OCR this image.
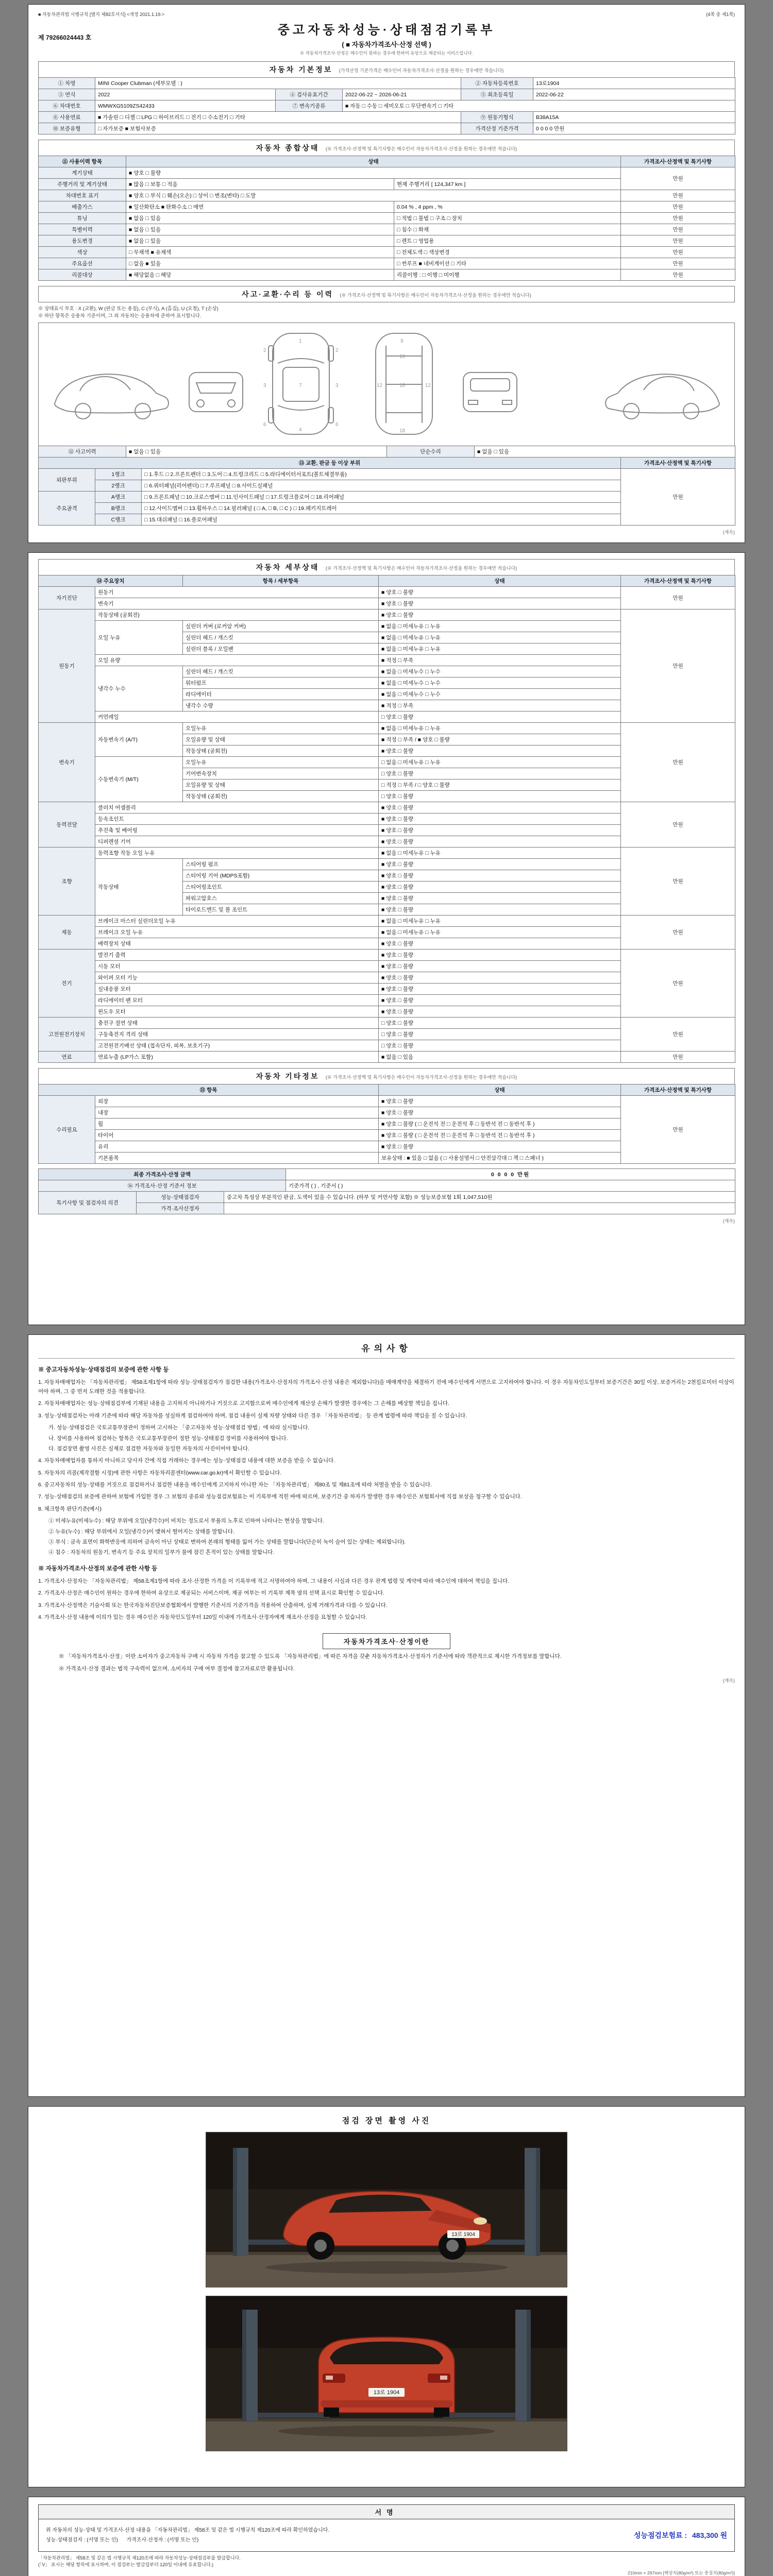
■ 자동차관리법 시행규칙 [별지 제82호서식] <개정 2021.1.19.>	(4쪽 중 제1쪽)
제 79266024443 호
중고자동차성능·상태점검기록부
( ■ 자동차가격조사·산정 선택 )
※ 자동차가격조사·산정은 매수인이 원하는 경우에 한하여 유상으로 제공되는 서비스입니다.
자동차 기본정보 (가격산정 기준가격은 매수인이 자동차가격조사·산정을 원하는 경우에만 적습니다)
① 차명	MINI Cooper Clubman (세부모델 : )			② 자동차등록번호	13로1904
③ 연식	2022	④ 검사유효기간	2022-06-22 ~ 2026-06-21	⑤ 최초등록일	2022-06-22
⑥ 차대번호	WMWXG5109ZS42433	⑦ 변속기종류	■ 자동 □ 수동 □ 세미오토 □ 무단변속기 □ 기타		
⑧ 사용연료	■ 가솔린 □ 디젤 □ LPG □ 하이브리드 □ 전기 □ 수소전기 □ 기타			⑨ 원동기형식	B38A15A
⑩ 보증유형	□ 자가보증 ■ 보험사보증			가격산정 기준가격	0 0 0 0 만원
자동차 종합상태 (※ 가격조사·산정액 및 특기사항은 매수인이 자동차가격조사·산정을 원하는 경우에만 적습니다)
⑪ 사용이력 항목	상태		가격조사·산정액 및 특기사항
계기상태	■ 양호 □ 불량		만원
주행거리 및 계기상태	■ 많음 □ 보통 □ 적음	현재 주행거리 [ 124,347 km ]	
차대번호 표기	■ 양호 □ 부식 □ 훼손(오손) □ 상이 □ 변조(변타) □ 도말		만원
배출가스	■ 일산화탄소 ■ 탄화수소 □ 매연	0.04 % , 4 ppm , %	만원
튜닝	■ 없음 □ 있음	□ 적법 □ 불법 □ 구조 □ 장치	만원
특별이력	■ 없음 □ 있음	□ 침수 □ 화재	만원
용도변경	■ 없음 □ 있음	□ 렌트 □ 영업용	만원
색상	□ 무채색 ■ 유채색	□ 전체도색 □ 색상변경	만원
주요옵션	□ 없음 ■ 있음	□ 썬루프 ■ 네비게이션 □ 기타	만원
리콜대상	■ 해당없음 □ 해당	리콜이행 : □ 이행 □ 미이행	만원
사고·교환·수리 등 이력 (※ 가격조사·산정액 및 특기사항은 매수인이 자동차가격조사·산정을 원하는 경우에만 적습니다)
※ 상태표시 부호 : X (교환), W (판금 또는 용접), C (부식), A (흠집), U (요철), T (손상)
※ 하단 항목은 승용차 기준이며, 그 외 자동차는 승용차에 준하여 표시합니다.
1
7
4
3	3
2	2
6	6
9
10
12	12
16
18
⑫ 사고이력	■ 없음 □ 있음	단순수리	■ 없음 □ 있음
⑬ 교환, 판금 등 이상 부위			가격조사·산정액 및 특기사항
외판부위	1랭크	□ 1.후드 □ 2.프론트펜더 □ 3.도어 □ 4.트렁크리드 □ 5.라디에이터서포트(볼트체결부품)	만원
	2랭크	□ 6.쿼터패널(리어펜더) □ 7.루프패널 □ 8.사이드실패널	
주요골격	A랭크	□ 9.프론트패널 □ 10.크로스멤버 □ 11.인사이드패널 □ 17.트렁크플로어 □ 18.리어패널	
	B랭크	□ 12.사이드멤버 □ 13.휠하우스 □ 14.필러패널 ( □ A, □ B, □ C ) □ 19.패키지트레이	
	C랭크	□ 15.대쉬패널 □ 16.플로어패널	
(계속)
자동차 세부상태 (※ 가격조사·산정액 및 특기사항은 매수인이 자동차가격조사·산정을 원하는 경우에만 적습니다)
⑭ 주요장치		항목 / 세부항목	상태	가격조사·산정액 및 특기사항
자기진단	원동기		■ 양호 □ 불량	만원
	변속기		■ 양호 □ 불량	
원동기	작동상태 (공회전)		■ 양호 □ 불량	만원
	오일 누유	실린더 커버 (로커암 커버)	■ 없음 □ 미세누유 □ 누유	
		실린더 헤드 / 개스킷	■ 없음 □ 미세누유 □ 누유	
		실린더 블록 / 오일팬	■ 없음 □ 미세누유 □ 누유	
	오일 유량		■ 적정 □ 부족	
	냉각수 누수	실린더 헤드 / 개스킷	■ 없음 □ 미세누수 □ 누수	
		워터펌프	■ 없음 □ 미세누수 □ 누수	
		라디에이터	■ 없음 □ 미세누수 □ 누수	
		냉각수 수량	■ 적정 □ 부족	
	커먼레일		□ 양호 □ 불량	
변속기	자동변속기 (A/T)	오일누유	■ 없음 □ 미세누유 □ 누유	만원
		오일유량 및 상태	■ 적정 □ 부족 / ■ 양호 □ 불량	
		작동상태 (공회전)	■ 양호 □ 불량	
	수동변속기 (M/T)	오일누유	□ 없음 □ 미세누유 □ 누유	
		기어변속장치	□ 양호 □ 불량	
		오일유량 및 상태	□ 적정 □ 부족 / □ 양호 □ 불량	
		작동상태 (공회전)	□ 양호 □ 불량	
동력전달	클러치 어셈블리		■ 양호 □ 불량	만원
	등속조인트		■ 양호 □ 불량	
	추진축 및 베어링		■ 양호 □ 불량	
	디퍼렌셜 기어		■ 양호 □ 불량	
조향	동력조향 작동 오일 누유		■ 없음 □ 미세누유 □ 누유	만원
	작동상태	스티어링 펌프	■ 양호 □ 불량	
		스티어링 기어 (MDPS포함)	■ 양호 □ 불량	
		스티어링조인트	■ 양호 □ 불량	
		파워고압호스	■ 양호 □ 불량	
		타이로드엔드 및 볼 조인트	■ 양호 □ 불량	
제동	브레이크 마스터 실린더오일 누유		■ 없음 □ 미세누유 □ 누유	만원
	브레이크 오일 누유		■ 없음 □ 미세누유 □ 누유	
	배력장치 상태		■ 양호 □ 불량	
전기	발전기 출력		■ 양호 □ 불량	만원
	시동 모터		■ 양호 □ 불량	
	와이퍼 모터 기능		■ 양호 □ 불량	
	실내송풍 모터		■ 양호 □ 불량	
	라디에이터 팬 모터		■ 양호 □ 불량	
	윈도우 모터		■ 양호 □ 불량	
고전원전기장치	충전구 절연 상태		□ 양호 □ 불량	만원
	구동축전지 격리 상태		□ 양호 □ 불량	
	고전원전기배선 상태 (접속단자, 피복, 보호기구)		□ 양호 □ 불량	
연료	연료누출 (LP가스 포함)		■ 없음 □ 있음	만원
자동차 기타정보 (※ 가격조사·산정액 및 특기사항은 매수인이 자동차가격조사·산정을 원하는 경우에만 적습니다)
⑮ 항목		상태	가격조사·산정액 및 특기사항
수리필요	외장	■ 양호 □ 불량	만원
	내장	■ 양호 □ 불량	
	휠	■ 양호 □ 불량 ( □ 운전석 전 □ 운전석 후 □ 동반석 전 □ 동반석 후 )	
	타이어	■ 양호 □ 불량 ( □ 운전석 전 □ 운전석 후 □ 동반석 전 □ 동반석 후 )	
	유리	■ 양호 □ 불량	
	기본품목	보유상태 : ■ 있음 □ 없음 ( □ 사용설명서 □ 안전삼각대 □ 잭 □ 스패너 )	
최종 가격조사·산정 금액	0 0 0 0 만원
⑯ 가격조사·산정 기준서 정보	기준가격 ( ) , 기준서 ( )
특기사항 및 점검자의 의견	성능·상태점검자	중고차 특성상 부분적인 판금, 도색이 있을 수 있습니다. (하부 및 커먼사항 포함) ※ 성능보증보험 1회 1,047,510원
	가격·조사산정자	
(계속)
유의사항
※ 중고자동차성능·상태점검의 보증에 관한 사항 등
1. 자동차매매업자는 「자동차관리법」 제58조제1항에 따라 성능·상태점검자가 점검한 내용(가격조사·산정자의 가격조사·산정 내용은 제외합니다)을 매매계약을 체결하기 전에 매수인에게 서면으로 고지하여야 합니다. 이 경우 자동차인도일부터 보증기간은 30일 이상, 보증거리는 2천킬로미터 이상이어야 하며, 그 중 먼저 도래한 것을 적용합니다.
2. 자동차매매업자는 성능·상태점검부에 기재된 내용을 고지하지 아니하거나 거짓으로 고지함으로써 매수인에게 재산상 손해가 발생한 경우에는 그 손해를 배상할 책임을 집니다.
3. 성능·상태점검자는 아래 기준에 따라 해당 자동차를 성실하게 점검하여야 하며, 점검 내용이 실제 차량 상태와 다른 경우 「자동차관리법」 등 관계 법령에 따라 책임을 질 수 있습니다.
가. 성능·상태점검은 국토교통부장관이 정하여 고시하는 「중고자동차 성능·상태점검 방법」에 따라 실시합니다.
나. 장비를 사용하여 점검하는 항목은 국토교통부장관이 정한 성능·상태점검 장비를 사용하여야 합니다.
다. 점검장면 촬영 사진은 실제로 점검한 자동차와 동일한 자동차의 사진이어야 합니다.
4. 자동차매매업자를 통하지 아니하고 당사자 간에 직접 거래하는 경우에는 성능·상태점검 내용에 대한 보증을 받을 수 없습니다.
5. 자동차의 리콜(제작결함 시정)에 관한 사항은 자동차리콜센터(www.car.go.kr)에서 확인할 수 있습니다.
6. 중고자동차의 성능·상태를 거짓으로 점검하거나 점검한 내용을 매수인에게 고지하지 아니한 자는 「자동차관리법」 제80조 및 제81조에 따라 처벌을 받을 수 있습니다.
7. 성능·상태점검의 보증에 관하여 보험에 가입한 경우 그 보험의 종류와 성능점검보험료는 이 기록부에 적힌 바에 따르며, 보증기간 중 하자가 발생한 경우 매수인은 보험회사에 직접 보상을 청구할 수 있습니다.
8. 체크항목 판단기준(예시)
① 미세누유(미세누수) : 해당 부위에 오일(냉각수)이 비치는 정도로서 부품의 노후로 인하여 나타나는 현상을 말합니다.
② 누유(누수) : 해당 부위에서 오일(냉각수)이 맺혀서 떨어지는 상태를 말합니다.
③ 부식 : 금속 표면이 화학반응에 의하여 금속이 아닌 상태로 변하여 본래의 형태를 잃어 가는 상태를 말합니다(단순히 녹이 슬어 있는 상태는 제외합니다).
④ 침수 : 자동차의 원동기, 변속기 등 주요 장치의 일부가 물에 잠긴 흔적이 있는 상태를 말합니다.
※ 자동차가격조사·산정의 보증에 관한 사항 등
1. 가격조사·산정자는 「자동차관리법」 제58조제1항에 따라 조사·산정한 가격을 이 기록부에 적고 서명하여야 하며, 그 내용이 사실과 다른 경우 관계 법령 및 계약에 따라 매수인에 대하여 책임을 집니다.
2. 가격조사·산정은 매수인이 원하는 경우에 한하여 유상으로 제공되는 서비스이며, 제공 여부는 이 기록부 제목 옆의 선택 표시로 확인할 수 있습니다.
3. 가격조사·산정액은 기술사회 또는 한국자동차진단보증협회에서 발행한 기준서의 기준가격을 적용하여 산출하며, 실제 거래가격과 다를 수 있습니다.
4. 가격조사·산정 내용에 이의가 있는 경우 매수인은 자동차인도일부터 120일 이내에 가격조사·산정자에게 재조사·산정을 요청할 수 있습니다.
자동차가격조사·산정이란
※ 「자동차가격조사·산정」이란 소비자가 중고자동차 구매 시 자동차 가격을 참고할 수 있도록 「자동차관리법」에 따른 자격을 갖춘 자동차가격조사·산정자가 기준서에 따라 객관적으로 제시한 가격정보를 말합니다.
※ 가격조사·산정 결과는 법적 구속력이 없으며, 소비자의 구매 여부 결정에 참고자료로만 활용됩니다.
(계속)
점검 장면 촬영 사진
13로 1904
13로 1904
서명
위 자동차의 성능·상태 및 가격조사·산정 내용을 「자동차관리법」 제58조 및 같은 법 시행규칙 제120조에 따라 확인하였습니다.
성능·상태점검자 : (서명 또는 인) 가격조사·산정자 : (서명 또는 인)
성능점검보험료 : 483,300 원
「자동차관리법」 제58조 및 같은 법 시행규칙 제120조에 따라 자동차성능·상태점검부를 발급합니다.
(「V」 표시는 해당 항목에 표시하며, 이 점검부는 발급일부터 120일 이내에 유효합니다.)
210mm × 297mm [백상지(80g/m²) 또는 중질지(80g/m²)]
